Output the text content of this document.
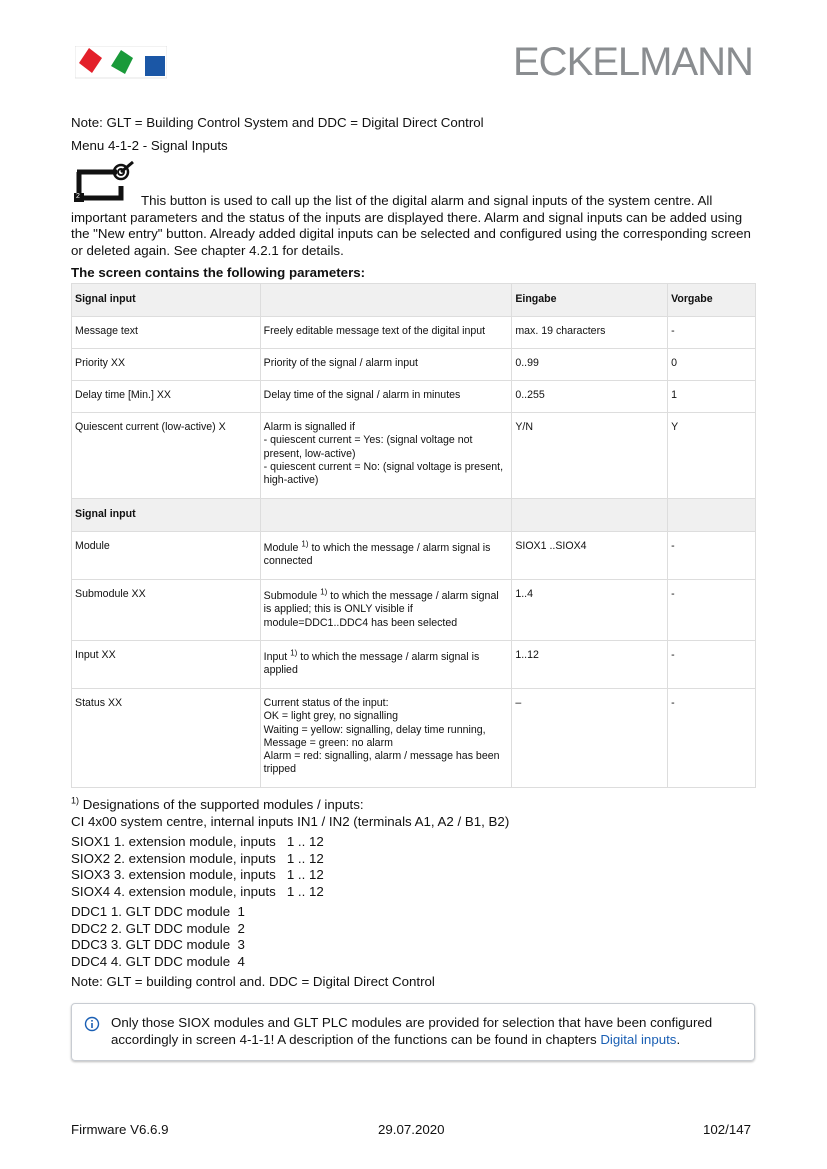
ECKELMANN
Note: GLT = Building Control System and DDC = Digital Direct Control
Menu 4-1-2 - Signal Inputs
2	This button is used to call up the list of the digital alarm and signal inputs of the system centre. All important parameters and the status of the inputs are displayed there. Alarm and signal inputs can be added using the "New entry" button. Already added digital inputs can be selected and configured using the corresponding screen or deleted again. See chapter 4.2.1 for details.
The screen contains the following parameters:
Signal input		Eingabe	Vorgabe
Message text	Freely editable message text of the digital input	max. 19 characters	-
Priority XX	Priority of the signal / alarm input	0..99	0
Delay time [Min.] XX	Delay time of the signal / alarm in minutes	0..255	1
Quiescent current (low-active) X	Alarm is signalled if
- quiescent current = Yes: (signal voltage not present, low-active)
- quiescent current = No: (signal voltage is present, high-active)	Y/N	Y
Signal input			
Module	Module $^{1)}$ to which the message / alarm signal is connected	SIOX1 ..SIOX4	-
Submodule XX	Submodule $^{1)}$ to which the message / alarm signal is applied; this is ONLY visible if module=DDC1..DDC4 has been selected	1..4	-
Input XX	Input $^{1)}$ to which the message / alarm signal is applied	1..12	-
Status XX	Current status of the input:
OK = light grey, no signalling
Waiting = yellow: signalling, delay time running,
Message = green: no alarm
Alarm = red: signalling, alarm / message has been tripped	–	-
$^{1)}$ Designations of the supported modules / inputs:
CI 4x00 system centre, internal inputs IN1 / IN2 (terminals A1, A2 / B1, B2)
SIOX1 1. extension module, inputs   1 .. 12
SIOX2 2. extension module, inputs   1 .. 12
SIOX3 3. extension module, inputs   1 .. 12
SIOX4 4. extension module, inputs   1 .. 12
DDC1 1. GLT DDC module  1
DDC2 2. GLT DDC module  2
DDC3 3. GLT DDC module  3
DDC4 4. GLT DDC module  4
Note: GLT = building control and. DDC = Digital Direct Control
Only those SIOX modules and GLT PLC modules are provided for selection that have been configured accordingly in screen 4-1-1! A description of the functions can be found in chapters Digital inputs.
Firmware V6.6.9	29.07.2020	102/147
